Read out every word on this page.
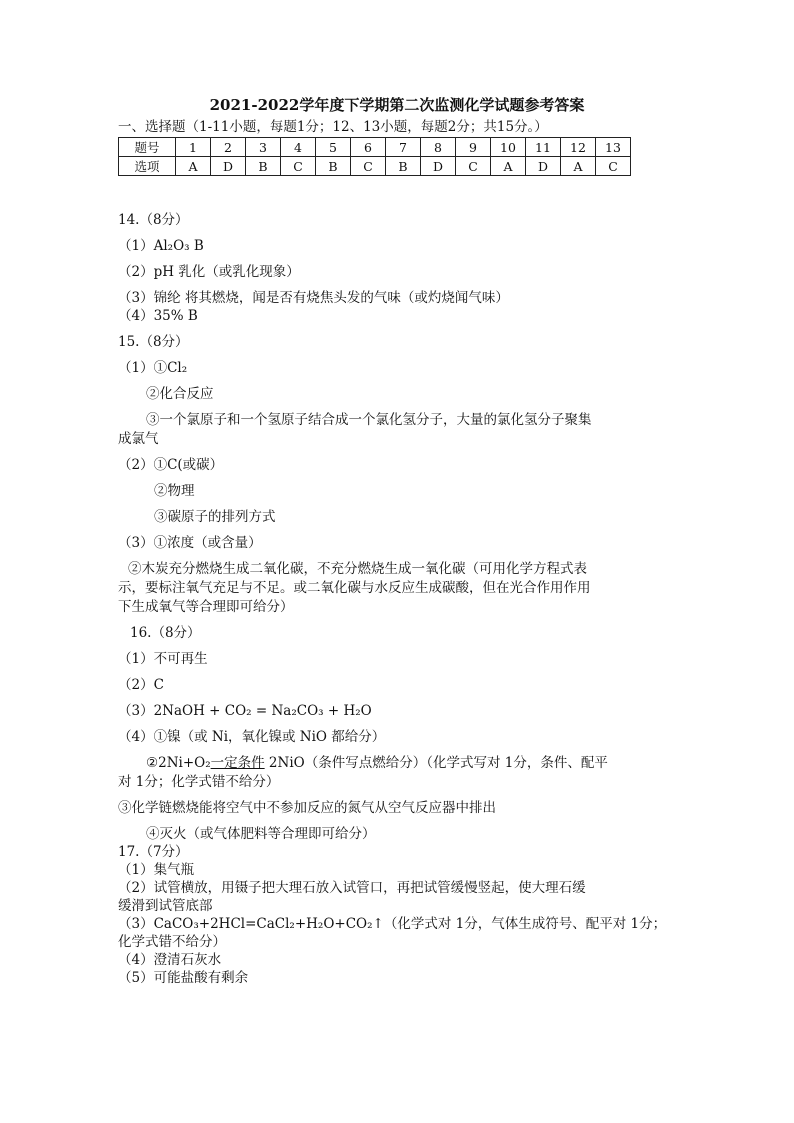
2021-2022学年度下学期第二次监测化学试题参考答案
一、选择题（1-11小题，每题1分；12、13小题，每题2分；共15分。）
题号	1	2	3	4	5	6	7	8	9	10	11	12	13
选项	A	D	B	C	B	C	B	D	C	A	D	A	C
14.（8分）
（1）Al₂O₃ B
（2）pH 乳化（或乳化现象）
（3）锦纶 将其燃烧，闻是否有烧焦头发的气味（或灼烧闻气味）
（4）35% B
15.（8分）
（1）①Cl₂
②化合反应
③一个氯原子和一个氢原子结合成一个氯化氢分子，大量的氯化氢分子聚集
成氯气
（2）①C(或碳）
②物理
③碳原子的排列方式
（3）①浓度（或含量）
②木炭充分燃烧生成二氧化碳，不充分燃烧生成一氧化碳（可用化学方程式表
示，要标注氧气充足与不足。或二氧化碳与水反应生成碳酸，但在光合作用作用
下生成氧气等合理即可给分）
16.（8分）
（1）不可再生
（2）C
（3）2NaOH + CO₂ = Na₂CO₃ + H₂O
（4）①镍（或 Ni，氧化镍或 NiO 都给分）
②2Ni+O₂一定条件 2NiO（条件写点燃给分）（化学式写对 1分，条件、配平
对 1分；化学式错不给分）
③化学链燃烧能将空气中不参加反应的氮气从空气反应器中排出
④灭火（或气体肥料等合理即可给分）
17.（7分）
（1）集气瓶
（2）试管横放，用镊子把大理石放入试管口，再把试管缓慢竖起，使大理石缓
缓滑到试管底部
（3）CaCO₃+2HCl=CaCl₂+H₂O+CO₂↑（化学式对 1分，气体生成符号、配平对 1分；
化学式错不给分）
（4）澄清石灰水
（5）可能盐酸有剩余
